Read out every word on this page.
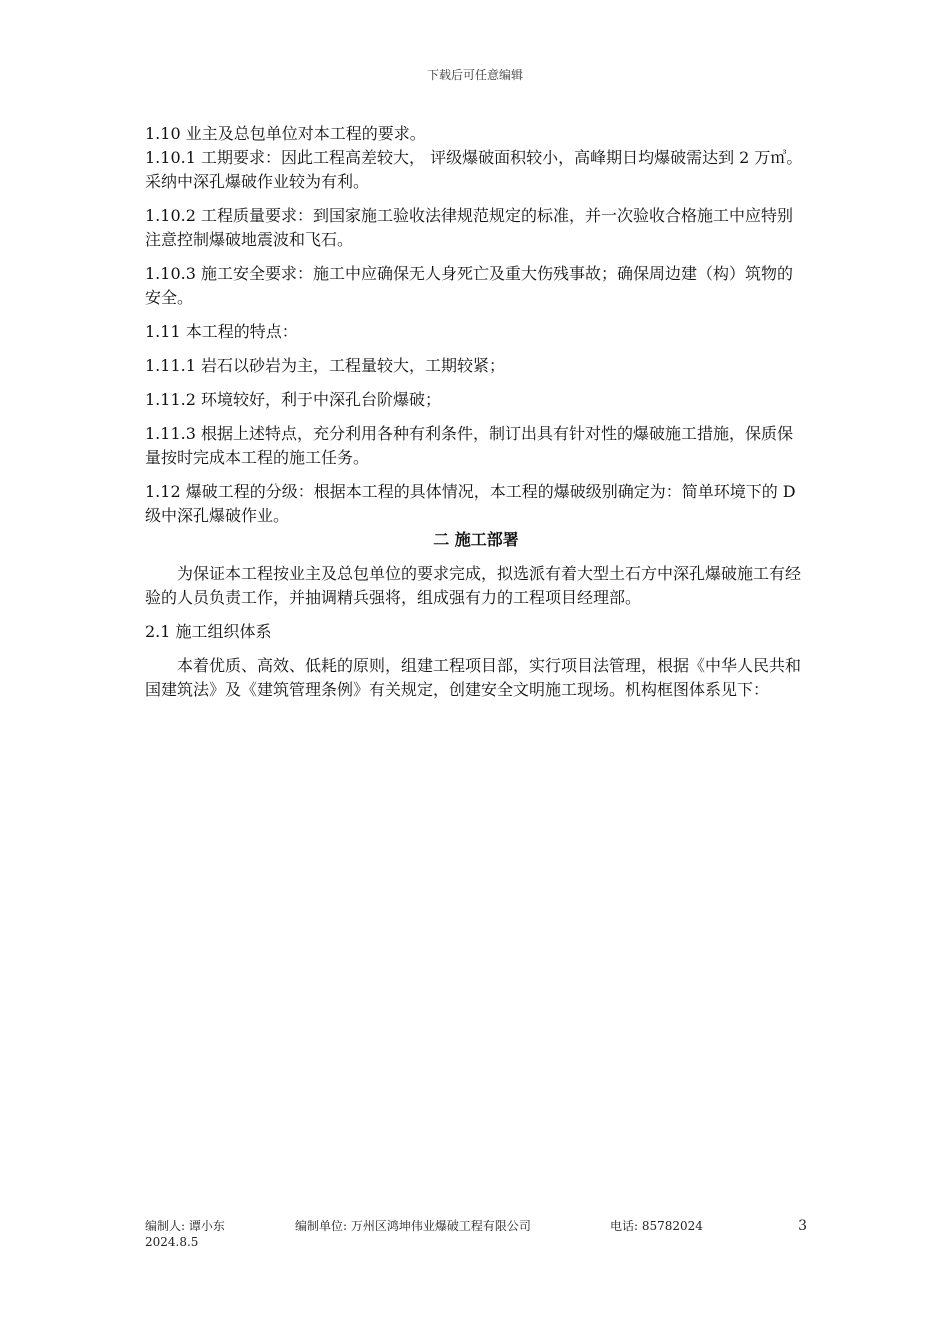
下载后可任意编辑

1.10 业主及总包单位对本工程的要求。

1.10.1 工期要求：因此工程高差较大， 评级爆破面积较小，高峰期日均爆破需达到 2 万㎥。采纳中深孔爆破作业较为有利。

1.10.2 工程质量要求：到国家施工验收法律规范规定的标准，并一次验收合格施工中应特别注意控制爆破地震波和飞石。

1.10.3 施工安全要求：施工中应确保无人身死亡及重大伤残事故；确保周边建（构）筑物的安全。

1.11 本工程的特点：

1.11.1 岩石以砂岩为主，工程量较大，工期较紧；

1.11.2 环境较好，利于中深孔台阶爆破；

1.11.3 根据上述特点，充分利用各种有利条件，制订出具有针对性的爆破施工措施，保质保量按时完成本工程的施工任务。

1.12 爆破工程的分级：根据本工程的具体情况，本工程的爆破级别确定为：简单环境下的 D 级中深孔爆破作业。

二 施工部署

为保证本工程按业主及总包单位的要求完成，拟选派有着大型土石方中深孔爆破施工有经验的人员负责工作，并抽调精兵强将，组成强有力的工程项目经理部。

2.1 施工组织体系

本着优质、高效、低耗的原则，组建工程项目部，实行项目法管理，根据《中华人民共和国建筑法》及《建筑管理条例》有关规定，创建安全文明施工现场。机构框图体系见下：

编制人: 谭小东	编制单位: 万州区鸿坤伟业爆破工程有限公司	电话: 85782024	3
2024.8.5
